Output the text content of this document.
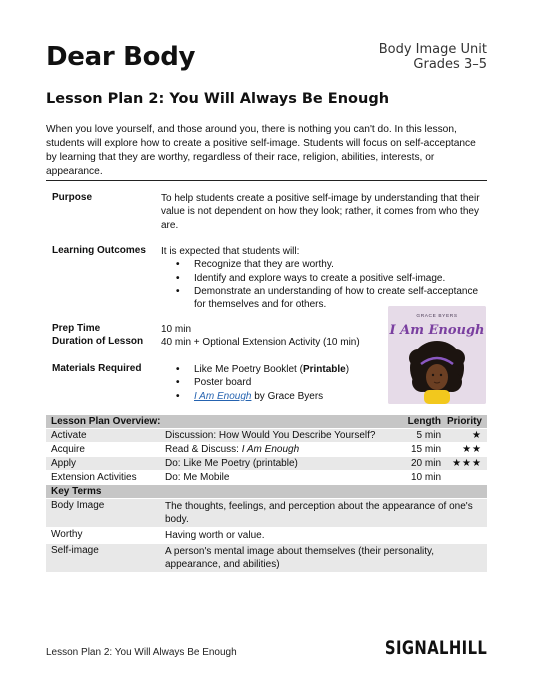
Dear Body	Body Image Unit
Grades 3–5
Lesson Plan 2: You Will Always Be Enough
When you love yourself, and those around you, there is nothing you can't do. In this lesson, students will explore how to create a positive self-image. Students will focus on self-acceptance by learning that they are worthy, regardless of their race, religion, abilities, interests, or appearance.
Purpose	To help students create a positive self-image by understanding that their value is not dependent on how they look; rather, it comes from who they are.
Learning Outcomes It is expected that students will:
• Recognize that they are worthy.
• Identify and explore ways to create a positive self-image.
• Demonstrate an understanding of how to create self-acceptance for themselves and for others.
Prep Time	10 min
Duration of Lesson 40 min + Optional Extension Activity (10 min)
Materials Required
•	Like Me Poetry Booklet (Printable)
• Poster board
• I Am Enough by Grace Byers
GRACE BYERS
I Am Enough
Lesson Plan Overview:	Length Priority
Activate	Discussion: How Would You Describe Yourself?	5 min	★
Acquire	Read & Discuss: I Am Enough	15 min	★★
Apply	Do: Like Me Poetry (printable)	20 min	★★★
Extension Activities	Do: Me Mobile	10 min
Key Terms
Body Image	The thoughts, feelings, and perception about the appearance of one's body.
Worthy	Having worth or value.
Self-image	A person's mental image about themselves (their personality, appearance, and abilities)
Lesson Plan 2: You Will Always Be Enough	SIGNALHILL
